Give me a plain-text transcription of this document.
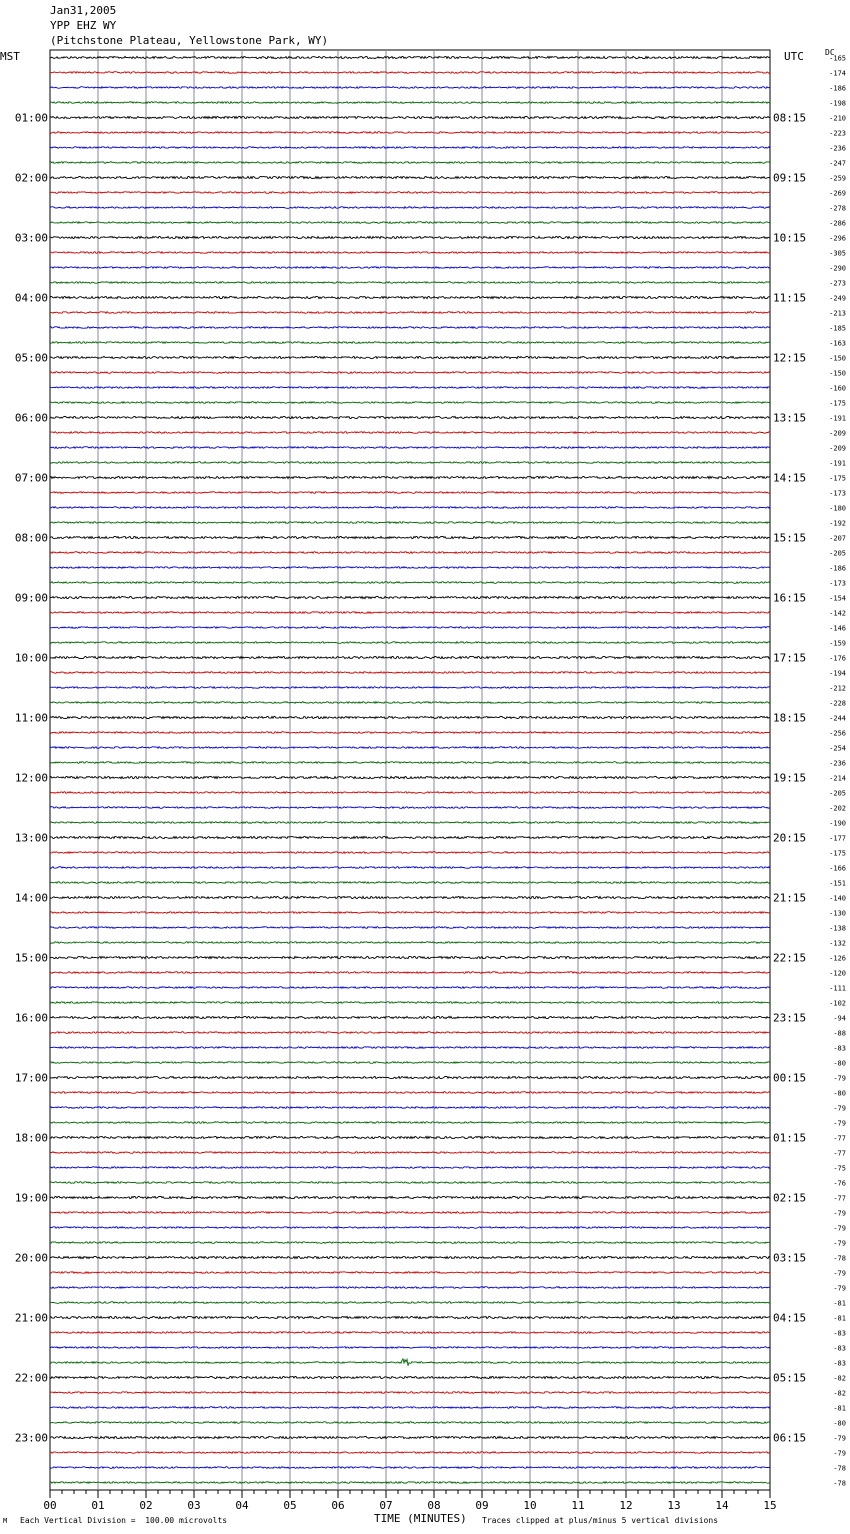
Jan31,2005
YPP EHZ WY
(Pitchstone Plateau, Yellowstone Park, WY)
MST	UTC	DC
M Each Vertical Division =  100.00 microvolts	TIME (MINUTES) Traces clipped at plus/minus 5 vertical divisions
01:00
02:00
03:00
04:00
05:00
06:00
07:00
08:00
09:00
10:00
11:00
12:00
13:00
14:00
15:00
16:00
17:00
18:00
19:00
20:00
21:00
22:00
23:00
08:15
09:15
10:15
11:15
12:15
13:15
14:15
15:15
16:15
17:15
18:15
19:15
20:15
21:15
22:15
23:15
00:15
01:15
02:15
03:15
04:15
05:15
06:15
-165
-174
-186
-198
-210
-223
-236
-247
-259
-269
-278
-286
-296
-305
-290
-273
-249
-213
-185
-163
-150
-150
-160
-175
-191
-209
-209
-191
-175
-173
-180
-192
-207
-205
-186
-173
-154
-142
-146
-159
-176
-194
-212
-228
-244
-256
-254
-236
-214
-205
-202
-190
-177
-175
-166
-151
-140
-130
-138
-132
-126
-120
-111
-102
-94
-88
-83
-80
-79
-80
-79
-79
-77
-77
-75
-76
-77
-79
-79
-79
-78
-79
-79
-81
-81
-83
-83
-83
-82
-82
-81
-80
-79
-79
-78
-78
00	01	02	03	04	05	06	07	08	09	10	11	12	13	14	15
